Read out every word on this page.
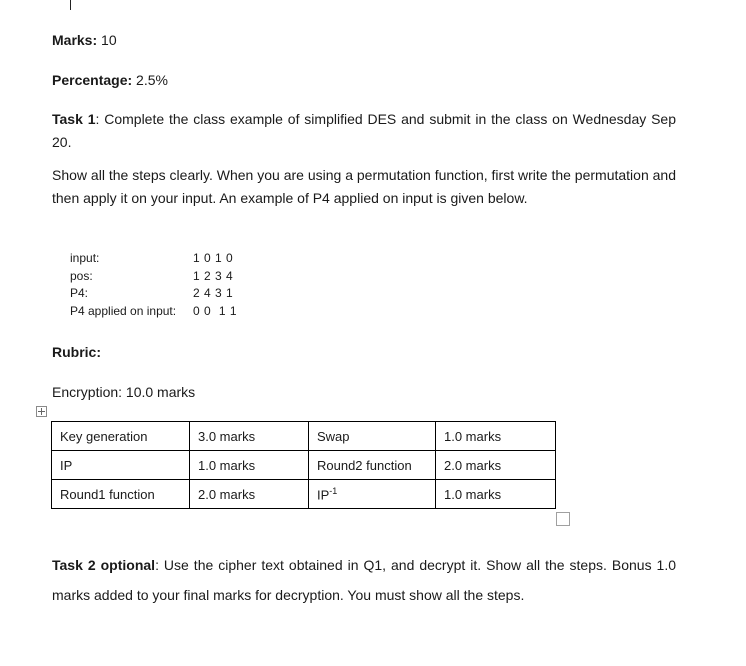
Marks: 10
Percentage: 2.5%
Task 1: Complete the class example of simplified DES and submit in the class on Wednesday Sep 20.
Show all the steps clearly. When you are using a permutation function, first write the permutation and then apply it on your input. An example of P4 applied on input is given below.
input:	1 0 1 0
pos:	1 2 3 4
P4:	2 4 3 1
P4 applied on input: 0 0  1 1
Rubric:
Encryption: 10.0 marks
Key generation	3.0 marks	Swap	1.0 marks
IP	1.0 marks	Round2 function	2.0 marks
Round1 function	2.0 marks	$IP^{-1}$	1.0 marks
Task 2 optional: Use the cipher text obtained in Q1, and decrypt it. Show all the steps. Bonus 1.0 marks added to your final marks for decryption. You must show all the steps.
